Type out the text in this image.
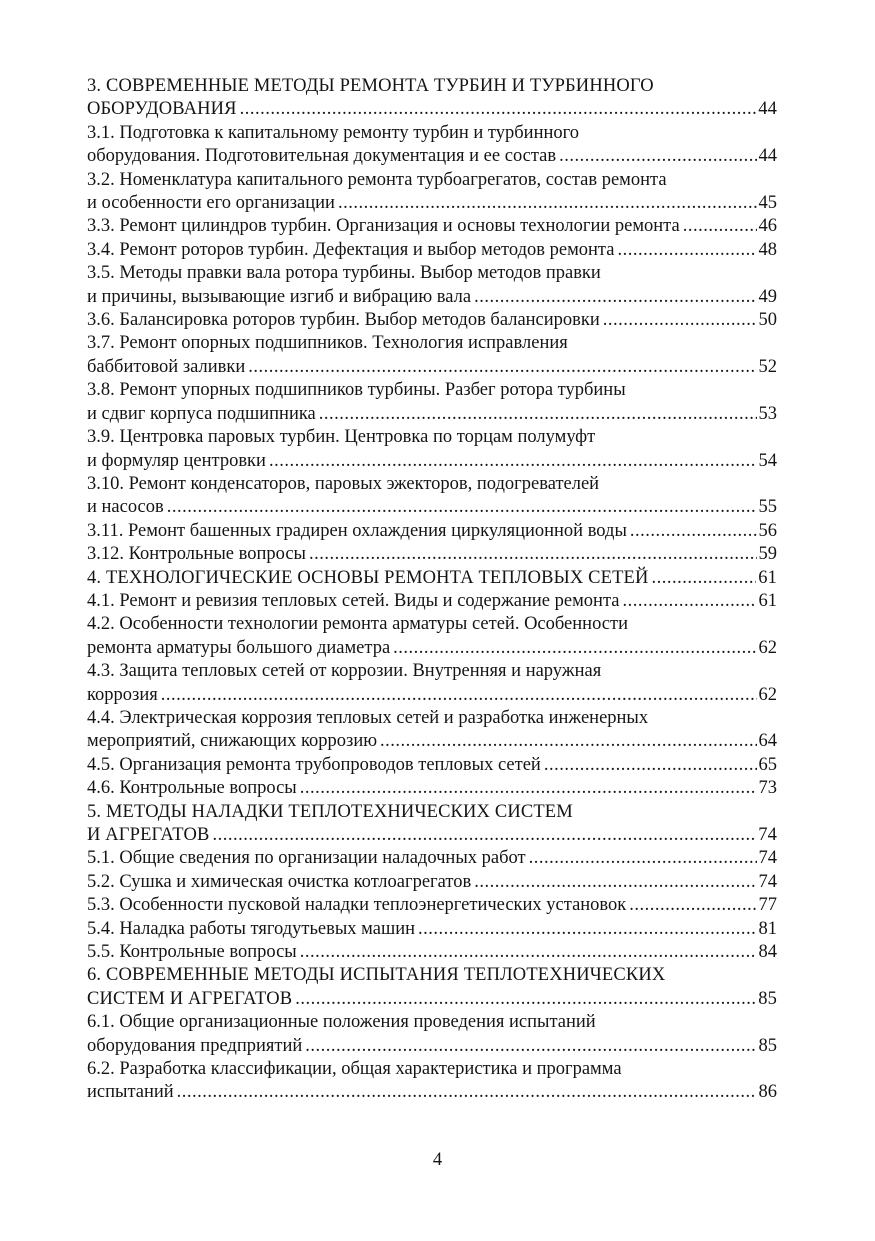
3. СОВРЕМЕННЫЕ МЕТОДЫ РЕМОНТА ТУРБИН И ТУРБИННОГО
ОБОРУДОВАНИЯ .....	44
3.1. Подготовка к капитальному ремонту турбин и турбинного
оборудования. Подготовительная документация и ее состав .....	44
3.2. Номенклатура капитального ремонта турбоагрегатов, состав ремонта
и особенности его организации .....	45
3.3. Ремонт цилиндров турбин. Организация и основы технологии ремонта .....	46
3.4. Ремонт роторов турбин. Дефектация и выбор методов ремонта .....	48
3.5. Методы правки вала ротора турбины. Выбор методов правки
и причины, вызывающие изгиб и вибрацию вала .....	49
3.6. Балансировка роторов турбин. Выбор методов балансировки .....	50
3.7. Ремонт опорных подшипников. Технология исправления
баббитовой заливки .....	52
3.8. Ремонт упорных подшипников турбины. Разбег ротора турбины
и сдвиг корпуса подшипника .....	53
3.9. Центровка паровых турбин. Центровка по торцам полумуфт
и формуляр центровки .....	54
3.10. Ремонт конденсаторов, паровых эжекторов, подогревателей
и насосов .....	55
3.11. Ремонт башенных градирен охлаждения циркуляционной воды .....	56
3.12. Контрольные вопросы .....	59
4. ТЕХНОЛОГИЧЕСКИЕ ОСНОВЫ РЕМОНТА ТЕПЛОВЫХ СЕТЕЙ .....	61
4.1. Ремонт и ревизия тепловых сетей. Виды и содержание ремонта .....	61
4.2. Особенности технологии ремонта арматуры сетей. Особенности
ремонта арматуры большого диаметра .....	62
4.3. Защита тепловых сетей от коррозии. Внутренняя и наружная
коррозия .....	62
4.4. Электрическая коррозия тепловых сетей и разработка инженерных
мероприятий, снижающих коррозию .....	64
4.5. Организация ремонта трубопроводов тепловых сетей .....	65
4.6. Контрольные вопросы .....	73
5. МЕТОДЫ НАЛАДКИ ТЕПЛОТЕХНИЧЕСКИХ СИСТЕМ
И АГРЕГАТОВ .....	74
5.1. Общие сведения по организации наладочных работ .....	74
5.2. Сушка и химическая очистка котлоагрегатов .....	74
5.3. Особенности пусковой наладки теплоэнергетических установок .....	77
5.4. Наладка работы тягодутьевых машин .....	81
5.5. Контрольные вопросы .....	84
6. СОВРЕМЕННЫЕ МЕТОДЫ ИСПЫТАНИЯ ТЕПЛОТЕХНИЧЕСКИХ
СИСТЕМ И АГРЕГАТОВ .....	85
6.1. Общие организационные положения проведения испытаний
оборудования предприятий .....	85
6.2. Разработка классификации, общая характеристика и программа
испытаний .....	86
4
